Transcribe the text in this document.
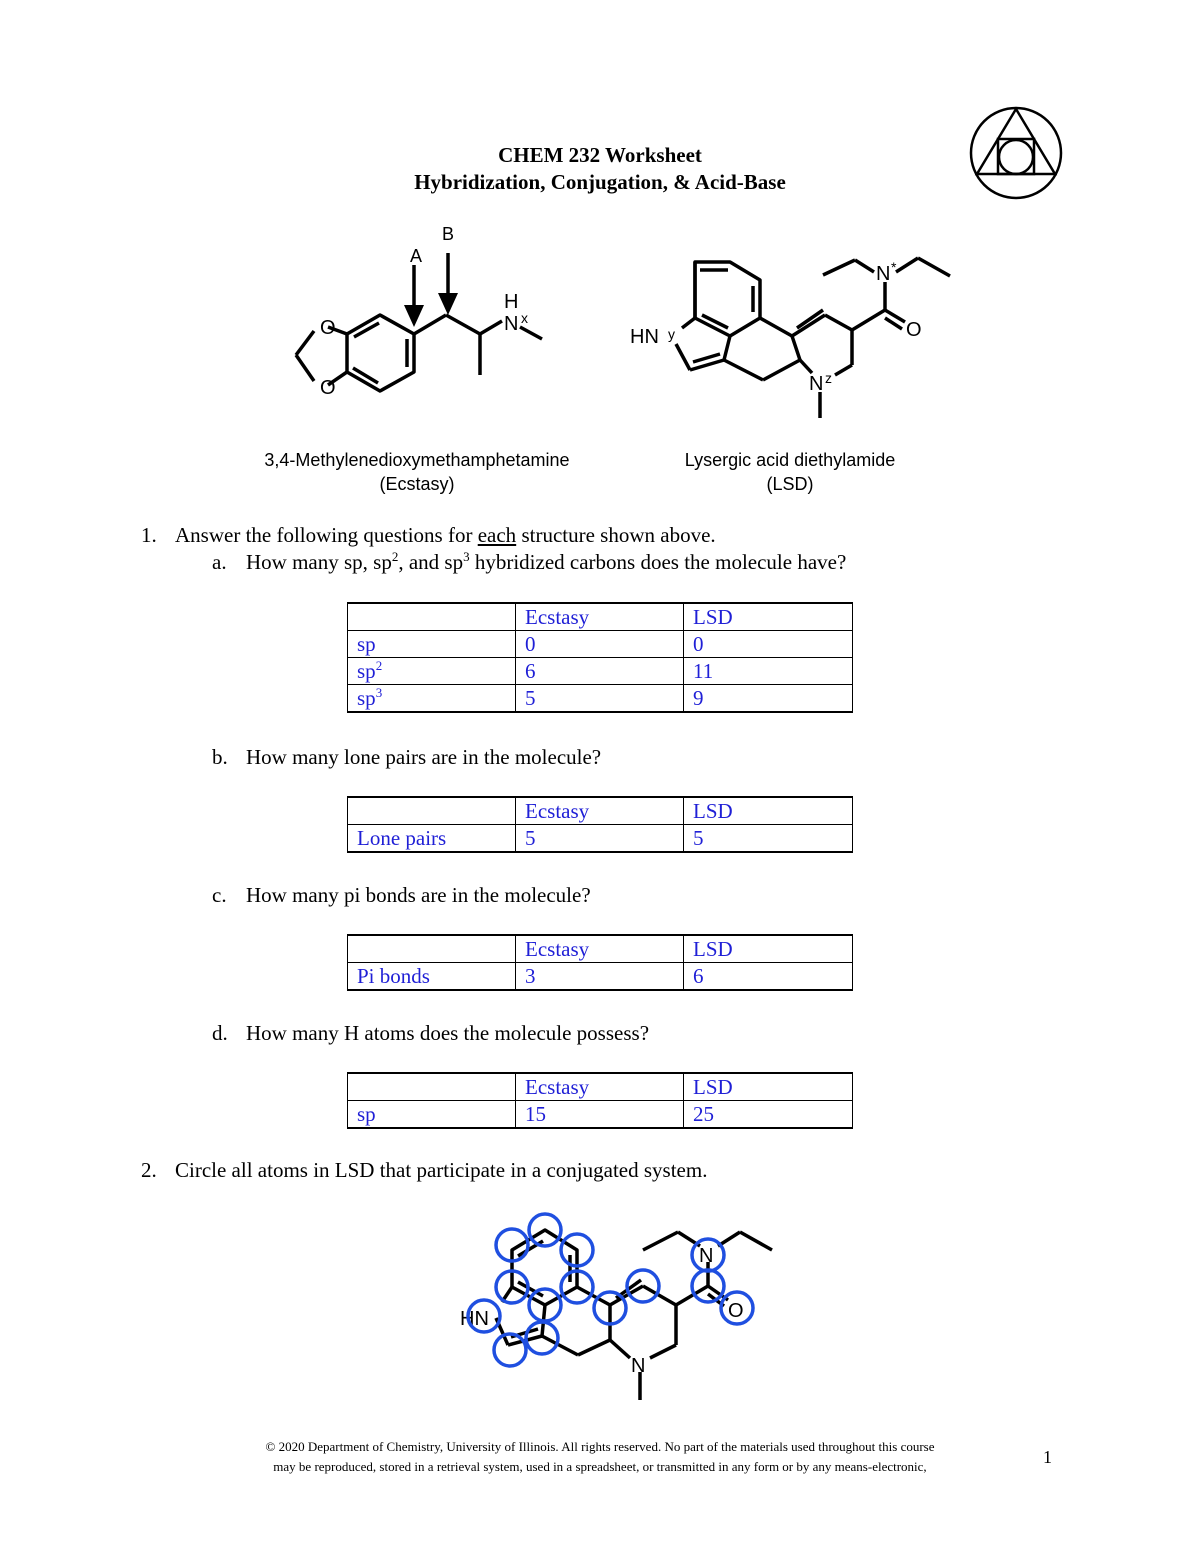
CHEM 232 Worksheet
Hybridization, Conjugation, & Acid-Base
O
O
H
N x
A
B
HN y
N *
O
N z
3,4-Methylenedioxymethamphetamine
(Ecstasy)
Lysergic acid diethylamide
(LSD)
1. Answer the following questions for each structure shown above.
a. How many sp, $sp^2$, and $sp^3$ hybridized carbons does the molecule have?
	Ecstasy	LSD
sp	0	0
$sp^2$	6	11
$sp^3$	5	9
b. How many lone pairs are in the molecule?
	Ecstasy	LSD
Lone pairs	5	5
c. How many pi bonds are in the molecule?
	Ecstasy	LSD
Pi bonds	3	6
d. How many H atoms does the molecule possess?
	Ecstasy	LSD
sp	15	25
2. Circle all atoms in LSD that participate in a conjugated system.
HN
N
O
N
© 2020 Department of Chemistry, University of Illinois. All rights reserved. No part of the materials used throughout this course
may be reproduced, stored in a retrieval system, used in a spreadsheet, or transmitted in any form or by any means-electronic,	1
